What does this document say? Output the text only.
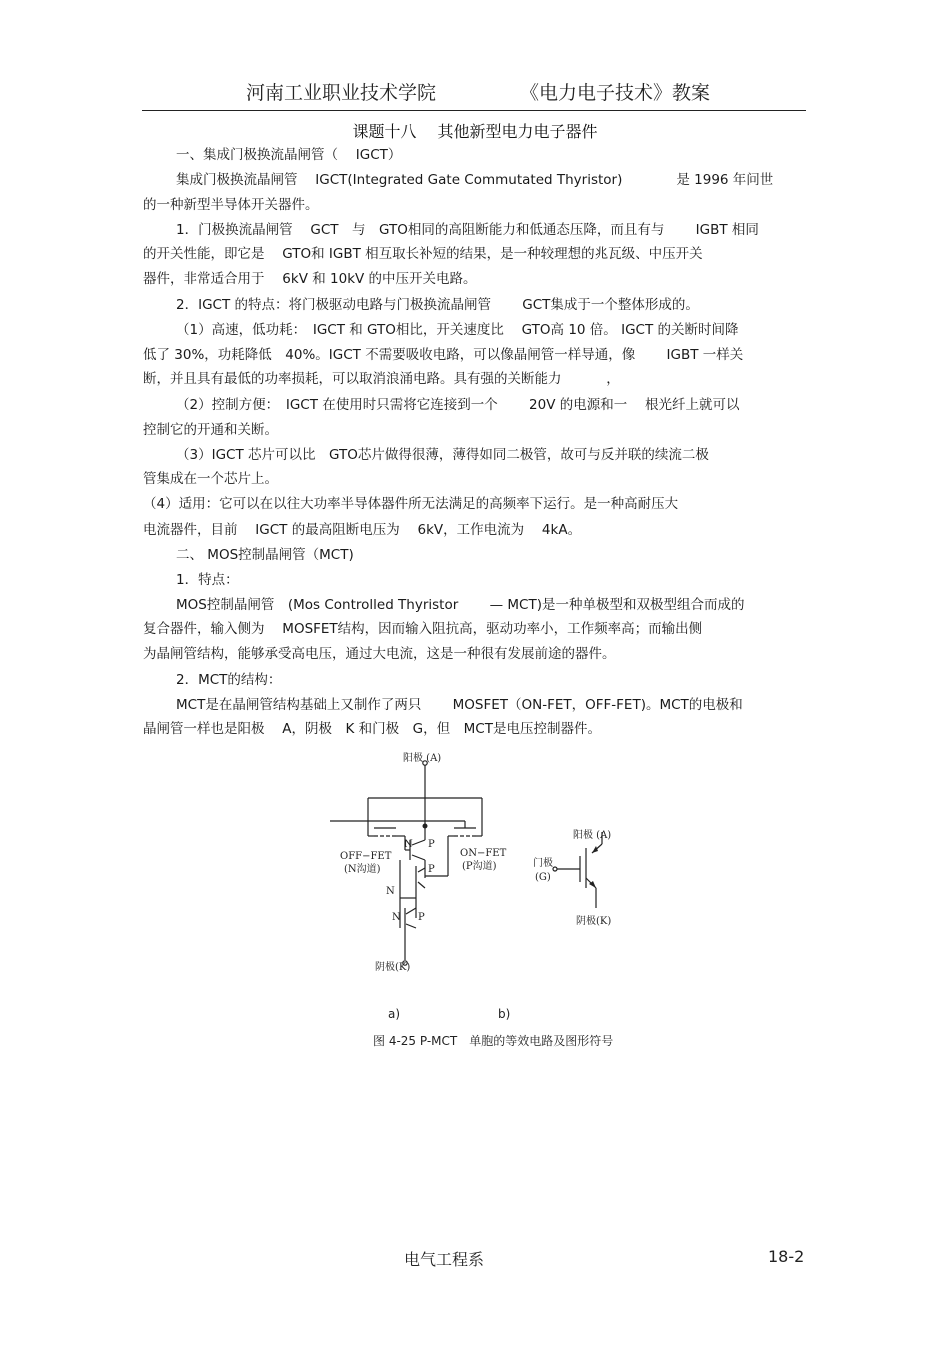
河南工业职业技术学院	《电力电子技术》教案
课题十八　 其他新型电力电子器件
一、集成门极换流晶闸管（　 IGCT）
集成门极换流晶闸管　 IGCT(Integrated Gate Commutated Thyristor)　　　　是 1996 年问世
的一种新型半导体开关器件。
1．门极换流晶闸管　 GCT　与　GTO相同的高阻断能力和低通态压降，而且有与　　 IGBT 相同
的开关性能，即它是　 GTO和 IGBT 相互取长补短的结果，是一种较理想的兆瓦级、中压开关
器件，非常适合用于　 6kV 和 10kV 的中压开关电路。
2．IGCT 的特点：将门极驱动电路与门极换流晶闸管　　 GCT集成于一个整体形成的。
（1）高速，低功耗：　IGCT 和 GTO相比，开关速度比　 GTO高 10 倍。 IGCT 的关断时间降
低了 30%，功耗降低　40%。IGCT 不需要吸收电路，可以像晶闸管一样导通，像　　 IGBT 一样关
断，并且具有最低的功率损耗，可以取消浪涌电路。具有强的关断能力　　　 ，
（2）控制方便：　IGCT 在使用时只需将它连接到一个　　 20V 的电源和一　 根光纤上就可以
控制它的开通和关断。
（3）IGCT 芯片可以比　GTO芯片做得很薄，薄得如同二极管，故可与反并联的续流二极
管集成在一个芯片上。
（4）适用：它可以在以往大功率半导体器件所无法满足的高频率下运行。是一种高耐压大
电流器件，目前　 IGCT 的最高阻断电压为　 6kV，工作电流为　 4kA。
二、 MOS控制晶闸管（MCT)
1．特点：
MOS控制晶闸管　(Mos Controlled Thyristor　　 — MCT)是一种单极型和双极型组合而成的
复合器件，输入侧为　 MOSFET结构，因而输入阻抗高，驱动功率小，工作频率高；而输出侧
为晶闸管结构，能够承受高电压，通过大电流，这是一种很有发展前途的器件。
2．MCT的结构：
MCT是在晶闸管结构基础上又制作了两只　　 MOSFET（ON-FET，OFF-FET)。MCT的电极和
晶闸管一样也是阳极　 A，阴极　K 和门极　G，但　MCT是电压控制器件。
阳极 (A)
OFF−FET
(N沟道)
ON−FET
(P沟道)
N P
P
N
N P
阴极(K)
阳极 (A)
门极
(G)
阴极(K)
a)	b)
图 4-25 P-MCT　单胞的等效电路及图形符号
电气工程系	18-2
